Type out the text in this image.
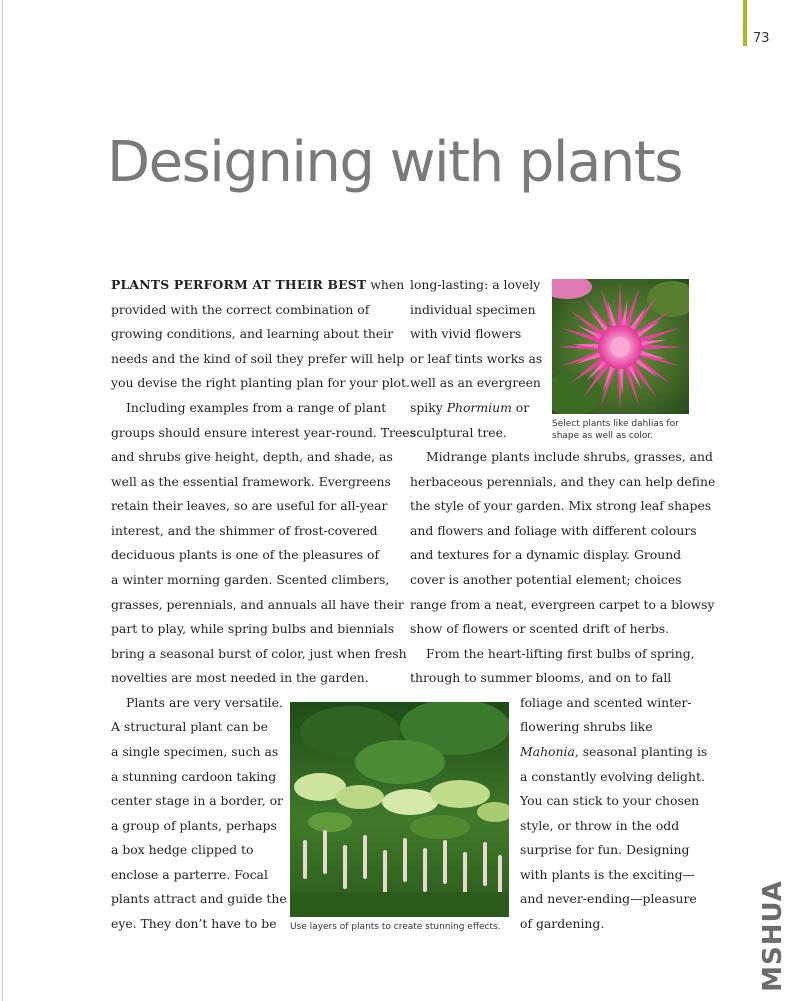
73
Designing with plants
PLANTS PERFORM AT THEIR BEST when
provided with the correct combination of
growing conditions, and learning about their
needs and the kind of soil they prefer will help
you devise the right planting plan for your plot.
Including examples from a range of plant
groups should ensure interest year-round. Trees
and shrubs give height, depth, and shade, as
well as the essential framework. Evergreens
retain their leaves, so are useful for all-year
interest, and the shimmer of frost-covered
deciduous plants is one of the pleasures of
a winter morning garden. Scented climbers,
grasses, perennials, and annuals all have their
part to play, while spring bulbs and biennials
bring a seasonal burst of color, just when fresh
novelties are most needed in the garden.
Plants are very versatile.
A structural plant can be
a single specimen, such as
a stunning cardoon taking
center stage in a border, or
a group of plants, perhaps
a box hedge clipped to
enclose a parterre. Focal
plants attract and guide the
eye. They don’t have to be
long-lasting: a lovely
individual specimen
with vivid flowers
or leaf tints works as
well as an evergreen
spiky Phormium or
sculptural tree.
Midrange plants include shrubs, grasses, and
herbaceous perennials, and they can help define
the style of your garden. Mix strong leaf shapes
and flowers and foliage with different colours
and textures for a dynamic display. Ground
cover is another potential element; choices
range from a neat, evergreen carpet to a blowsy
show of flowers or scented drift of herbs.
From the heart-lifting first bulbs of spring,
through to summer blooms, and on to fall
foliage and scented winter-
flowering shrubs like
Mahonia, seasonal planting is
a constantly evolving delight.
You can stick to your chosen
style, or throw in the odd
surprise for fun. Designing
with plants is the exciting—
and never-ending—pleasure
of gardening.
Select plants like dahlias for
shape as well as color.
Use layers of plants to create stunning effects.	MSHUA
